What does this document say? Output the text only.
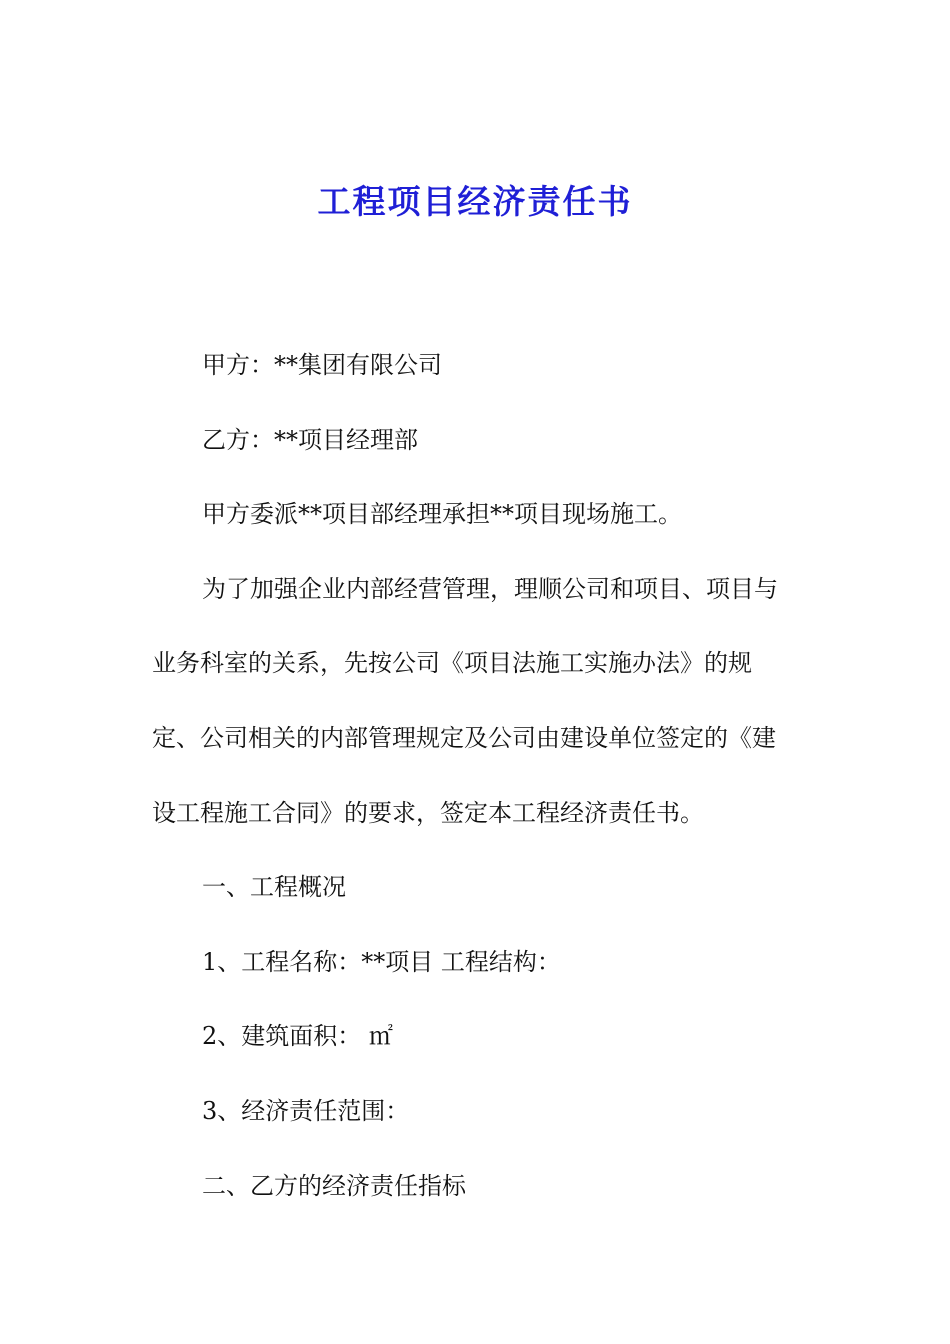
工程项目经济责任书

甲方：**集团有限公司

乙方：**项目经理部

甲方委派**项目部经理承担**项目现场施工。

为了加强企业内部经营管理，理顺公司和项目、项目与业务科室的关系，先按公司《项目法施工实施办法》的规定、公司相关的内部管理规定及公司由建设单位签定的《建设工程施工合同》的要求，签定本工程经济责任书。

一、工程概况

1、工程名称：**项目 工程结构：

2、建筑面积： ㎡

3、经济责任范围：

二、乙方的经济责任指标
